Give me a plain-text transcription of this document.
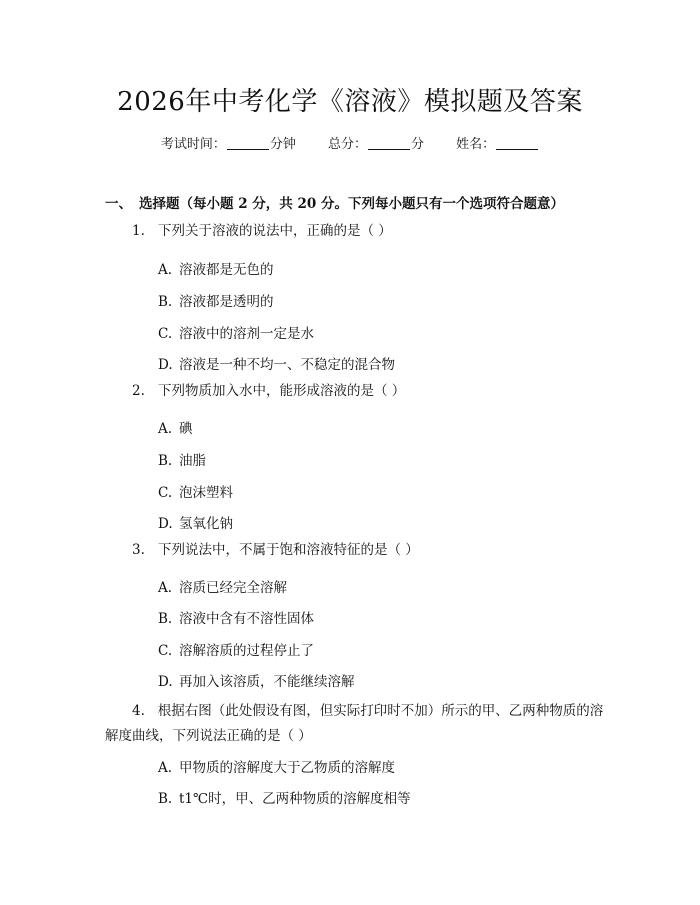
2026年中考化学《溶液》模拟题及答案
考试时间：	分钟 总分：	分 姓名：
一、 选择题（每小题 2 分，共 20 分。下列每小题只有一个选项符合题意）
1. 下列关于溶液的说法中，正确的是（ ）
A. 溶液都是无色的
B. 溶液都是透明的
C. 溶液中的溶剂一定是水
D. 溶液是一种不均一、不稳定的混合物
2. 下列物质加入水中，能形成溶液的是（ ）
A. 碘
B. 油脂
C. 泡沫塑料
D. 氢氧化钠
3. 下列说法中，不属于饱和溶液特征的是（ ）
A. 溶质已经完全溶解
B. 溶液中含有不溶性固体
C. 溶解溶质的过程停止了
D. 再加入该溶质，不能继续溶解
4. 根据右图（此处假设有图，但实际打印时不加）所示的甲、乙两种物质的溶解度曲线，下列说法正确的是（ ）
A. 甲物质的溶解度大于乙物质的溶解度
B. t1℃时，甲、乙两种物质的溶解度相等
